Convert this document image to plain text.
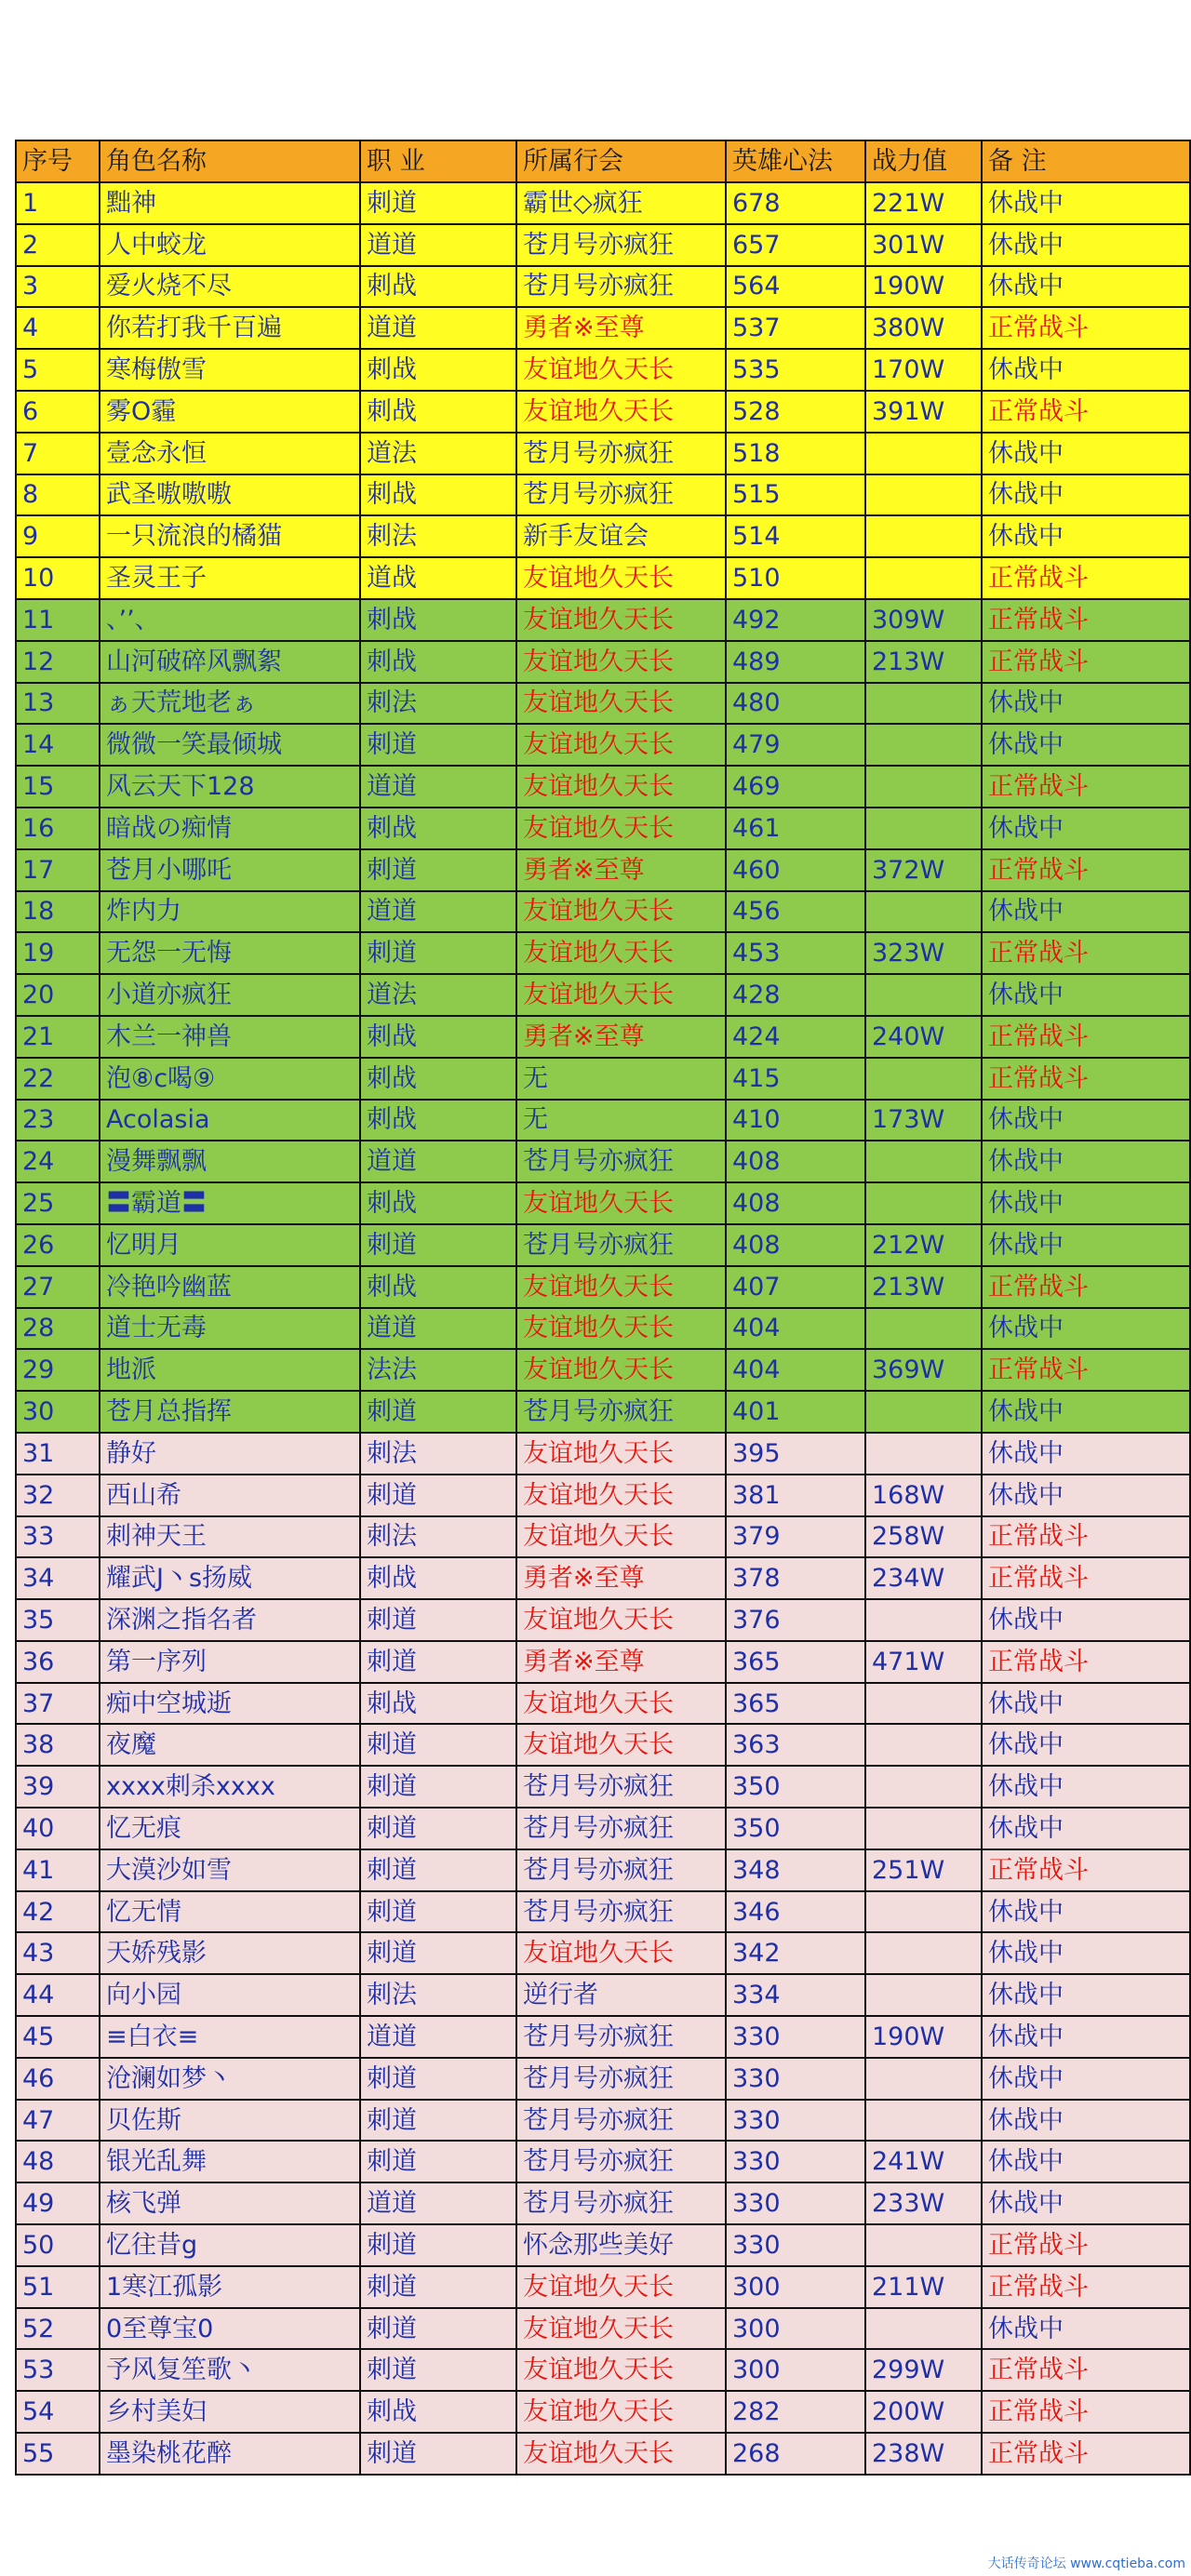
序号	角色名称	职 业	所属行会	英雄心法	战力值	备 注
1	黜神	刺道	霸世◇疯狂	678	221W	休战中
2	人中蛟龙	道道	苍月号亦疯狂	657	301W	休战中
3	爱火烧不尽	刺战	苍月号亦疯狂	564	190W	休战中
4	你若打我千百遍	道道	勇者※至尊	537	380W	正常战斗
5	寒梅傲雪	刺战	友谊地久天长	535	170W	休战中
6	雾O霾	刺战	友谊地久天长	528	391W	正常战斗
7	壹念永恒	道法	苍月号亦疯狂	518		休战中
8	武圣嗷嗷嗷	刺战	苍月号亦疯狂	515		休战中
9	一只流浪的橘猫	刺法	新手友谊会	514		休战中
10	圣灵王子	道战	友谊地久天长	510		正常战斗
11	、’’、	刺战	友谊地久天长	492	309W	正常战斗
12	山河破碎风飘絮	刺战	友谊地久天长	489	213W	正常战斗
13	ぁ天荒地老ぁ	刺法	友谊地久天长	480		休战中
14	微微一笑最倾城	刺道	友谊地久天长	479		休战中
15	风云天下128	道道	友谊地久天长	469		正常战斗
16	暗战の痴情	刺战	友谊地久天长	461		休战中
17	苍月小哪吒	刺道	勇者※至尊	460	372W	正常战斗
18	炸内力	道道	友谊地久天长	456		休战中
19	无怨一无悔	刺道	友谊地久天长	453	323W	正常战斗
20	小道亦疯狂	道法	友谊地久天长	428		休战中
21	木兰一神兽	刺战	勇者※至尊	424	240W	正常战斗
22	泡⑧c喝⑨	刺战	无	415		正常战斗
23	Acolasia	刺战	无	410	173W	休战中
24	漫舞飘飘	道道	苍月号亦疯狂	408		休战中
25	〓霸道〓	刺战	友谊地久天长	408		休战中
26	忆明月	刺道	苍月号亦疯狂	408	212W	休战中
27	冷艳吟幽蓝	刺战	友谊地久天长	407	213W	正常战斗
28	道士无毒	道道	友谊地久天长	404		休战中
29	地派	法法	友谊地久天长	404	369W	正常战斗
30	苍月总指挥	刺道	苍月号亦疯狂	401		休战中
31	静好	刺法	友谊地久天长	395		休战中
32	西山希	刺道	友谊地久天长	381	168W	休战中
33	刺神天王	刺法	友谊地久天长	379	258W	正常战斗
34	耀武J丶s扬威	刺战	勇者※至尊	378	234W	正常战斗
35	深渊之指名者	刺道	友谊地久天长	376		休战中
36	第一序列	刺道	勇者※至尊	365	471W	正常战斗
37	痴中空城逝	刺战	友谊地久天长	365		休战中
38	夜魔	刺道	友谊地久天长	363		休战中
39	xxxx刺杀xxxx	刺道	苍月号亦疯狂	350		休战中
40	忆无痕	刺道	苍月号亦疯狂	350		休战中
41	大漠沙如雪	刺道	苍月号亦疯狂	348	251W	正常战斗
42	忆无情	刺道	苍月号亦疯狂	346		休战中
43	天娇残影	刺道	友谊地久天长	342		休战中
44	向小园	刺法	逆行者	334		休战中
45	≡白衣≡	道道	苍月号亦疯狂	330	190W	休战中
46	沧澜如梦丶	刺道	苍月号亦疯狂	330		休战中
47	贝佐斯	刺道	苍月号亦疯狂	330		休战中
48	银光乱舞	刺道	苍月号亦疯狂	330	241W	休战中
49	核飞弹	道道	苍月号亦疯狂	330	233W	休战中
50	忆往昔g	刺道	怀念那些美好	330		正常战斗
51	1寒江孤影	刺道	友谊地久天长	300	211W	正常战斗
52	0至尊宝0	刺道	友谊地久天长	300		休战中
53	予风复笙歌丶	刺道	友谊地久天长	300	299W	正常战斗
54	乡村美妇	刺战	友谊地久天长	282	200W	正常战斗
55	墨染桃花醉	刺道	友谊地久天长	268	238W	正常战斗
大话传奇论坛 www.cqtieba.com
